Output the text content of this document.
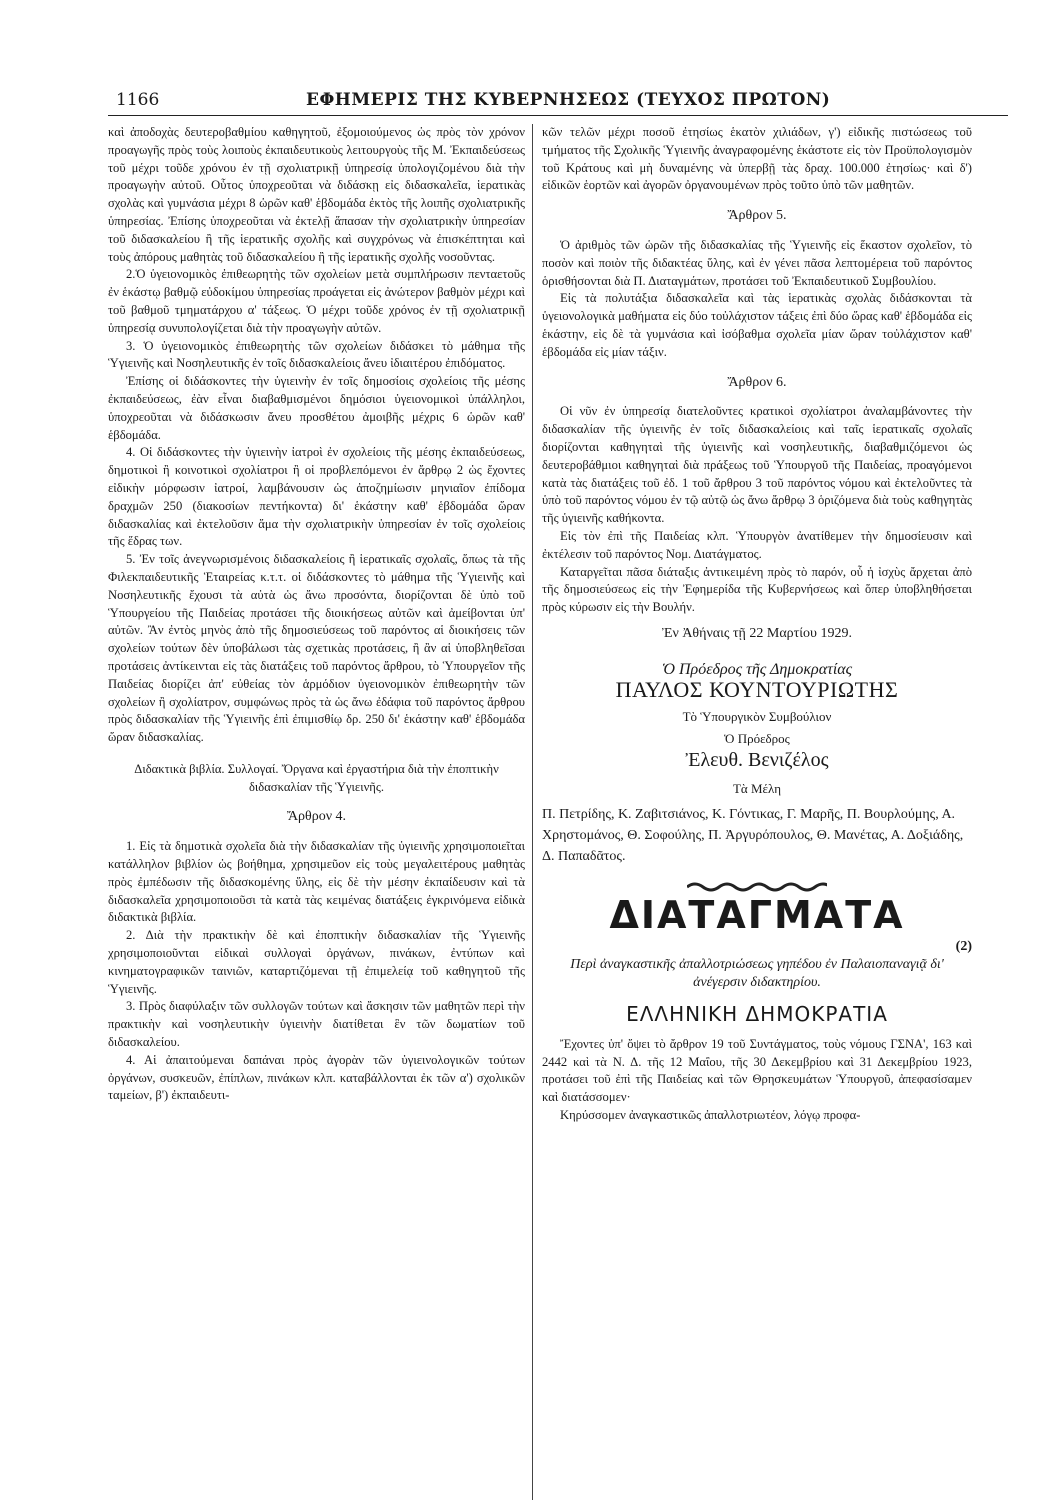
1166	ΕΦΗΜΕΡΙΣ ΤΗΣ ΚΥΒΕΡΝΗΣΕΩΣ (ΤΕΥΧΟΣ ΠΡΩΤΟΝ)

καὶ ἀποδοχὰς δευτεροβαθμίου καθηγητοῦ, ἐξομοιούμενος ὡς πρὸς τὸν χρόνον προαγωγῆς πρὸς τοὺς λοιποὺς ἐκπαιδευτικοὺς λειτουργοὺς τῆς Μ. Ἐκπαιδεύσεως τοῦ μέχρι τοῦδε χρόνου ἐν τῇ σχολιατρικῇ ὑπηρεσίᾳ ὑπολογιζομένου διὰ τὴν προαγωγὴν αὐτοῦ. Οὗτος ὑποχρεοῦται νὰ διδάσκῃ εἰς διδασκαλεῖα, ἱερατικὰς σχολὰς καὶ γυμνάσια μέχρι 8 ὡρῶν καθ' ἑβδομάδα ἐκτὸς τῆς λοιπῆς σχολιατρικῆς ὑπηρεσίας. Ἐπίσης ὑποχρεοῦται νὰ ἐκτελῇ ἅπασαν τὴν σχολιατρικὴν ὑπηρεσίαν τοῦ διδασκαλείου ἢ τῆς ἱερατικῆς σχολῆς καὶ συγχρόνως νὰ ἐπισκέπτηται καὶ τοὺς ἀπόρους μαθητὰς τοῦ διδασκαλείου ἢ τῆς ἱερατικῆς σχολῆς νοσοῦντας.

2.Ὁ ὑγειονομικὸς ἐπιθεωρητὴς τῶν σχολείων μετὰ συμπλήρωσιν πενταετοῦς ἐν ἑκάστῳ βαθμῷ εὐδοκίμου ὑπηρεσίας προάγεται εἰς ἀνώτερον βαθμὸν μέχρι καὶ τοῦ βαθμοῦ τμηματάρχου α' τάξεως. Ὁ μέχρι τοῦδε χρόνος ἐν τῇ σχολιατρικῇ ὑπηρεσίᾳ συνυπολογίζεται διὰ τὴν προαγωγὴν αὐτῶν.

3. Ὁ ὑγειονομικὸς ἐπιθεωρητὴς τῶν σχολείων διδάσκει τὸ μάθημα τῆς Ὑγιεινῆς καὶ Νοσηλευτικῆς ἐν τοῖς διδασκαλείοις ἄνευ ἰδιαιτέρου ἐπιδόματος.

Ἐπίσης οἱ διδάσκοντες τὴν ὑγιεινὴν ἐν τοῖς δημοσίοις σχολείοις τῆς μέσης ἐκπαιδεύσεως, ἐὰν εἶναι διαβαθμισμένοι δημόσιοι ὑγειονομικοὶ ὑπάλληλοι, ὑποχρεοῦται νὰ διδάσκωσιν ἄνευ προσθέτου ἀμοιβῆς μέχρις 6 ὡρῶν καθ' ἑβδομάδα.

4. Οἱ διδάσκοντες τὴν ὑγιεινὴν ἰατροὶ ἐν σχολείοις τῆς μέσης ἐκπαιδεύσεως, δημοτικοὶ ἢ κοινοτικοὶ σχολίατροι ἢ οἱ προβλεπόμενοι ἐν ἄρθρῳ 2 ὡς ἔχοντες εἰδικὴν μόρφωσιν ἰατροί, λαμβάνουσιν ὡς ἀποζημίωσιν μηνιαῖον ἐπίδομα δραχμῶν 250 (διακοσίων πεντήκοντα) δι' ἑκάστην καθ' ἑβδομάδα ὥραν διδασκαλίας καὶ ἐκτελοῦσιν ἅμα τὴν σχολιατρικὴν ὑπηρεσίαν ἐν τοῖς σχολείοις τῆς ἕδρας των.

5. Ἐν τοῖς ἀνεγνωρισμένοις διδασκαλείοις ἢ ἱερατικαῖς σχολαῖς, ὅπως τὰ τῆς Φιλεκπαιδευτικῆς Ἑταιρείας κ.τ.τ. οἱ διδάσκοντες τὸ μάθημα τῆς Ὑγιεινῆς καὶ Νοσηλευτικῆς ἔχουσι τὰ αὐτὰ ὡς ἄνω προσόντα, διορίζονται δὲ ὑπὸ τοῦ Ὑπουργείου τῆς Παιδείας προτάσει τῆς διοικήσεως αὐτῶν καὶ ἀμείβονται ὑπ' αὐτῶν. Ἂν ἐντὸς μηνὸς ἀπὸ τῆς δημοσιεύσεως τοῦ παρόντος αἱ διοικήσεις τῶν σχολείων τούτων δὲν ὑποβάλωσι τὰς σχετικὰς προτάσεις, ἢ ἂν αἱ ὑποβληθεῖσαι προτάσεις ἀντίκεινται εἰς τὰς διατάξεις τοῦ παρόντος ἄρθρου, τὸ Ὑπουργεῖον τῆς Παιδείας διορίζει ἀπ' εὐθείας τὸν ἁρμόδιον ὑγειονομικὸν ἐπιθεωρητὴν τῶν σχολείων ἢ σχολίατρον, συμφώνως πρὸς τὰ ὡς ἄνω ἐδάφια τοῦ παρόντος ἄρθρου πρὸς διδασκαλίαν τῆς Ὑγιεινῆς ἐπὶ ἐπιμισθίῳ δρ. 250 δι' ἑκάστην καθ' ἑβδομάδα ὥραν διδασκαλίας.

Διδακτικὰ βιβλία. Συλλογαί. Ὄργανα καὶ ἐργαστήρια διὰ τὴν ἐποπτικὴν διδασκαλίαν τῆς Ὑγιεινῆς.

Ἄρθρον 4.

1. Εἰς τὰ δημοτικὰ σχολεῖα διὰ τὴν διδασκαλίαν τῆς ὑγιεινῆς χρησιμοποιεῖται κατάλληλον βιβλίον ὡς βοήθημα, χρησιμεῦον εἰς τοὺς μεγαλειτέρους μαθητὰς πρὸς ἐμπέδωσιν τῆς διδασκομένης ὕλης, εἰς δὲ τὴν μέσην ἐκπαίδευσιν καὶ τὰ διδασκαλεῖα χρησιμοποιοῦσι τὰ κατὰ τὰς κειμένας διατάξεις ἐγκρινόμενα εἰδικὰ διδακτικὰ βιβλία.

2. Διὰ τὴν πρακτικὴν δὲ καὶ ἐποπτικὴν διδασκαλίαν τῆς Ὑγιεινῆς χρησιμοποιοῦνται εἰδικαὶ συλλογαὶ ὀργάνων, πινάκων, ἐντύπων καὶ κινηματογραφικῶν ταινιῶν, καταρτιζόμεναι τῇ ἐπιμελείᾳ τοῦ καθηγητοῦ τῆς Ὑγιεινῆς.

3. Πρὸς διαφύλαξιν τῶν συλλογῶν τούτων καὶ ἄσκησιν τῶν μαθητῶν περὶ τὴν πρακτικὴν καὶ νοσηλευτικὴν ὑγιεινὴν διατίθεται ἓν τῶν δωματίων τοῦ διδασκαλείου.

4. Αἱ ἀπαιτούμεναι δαπάναι πρὸς ἀγορὰν τῶν ὑγιεινολογικῶν τούτων ὀργάνων, συσκευῶν, ἐπίπλων, πινάκων κλπ. καταβάλλονται ἐκ τῶν α') σχολικῶν ταμείων, β') ἐκπαιδευτι-

κῶν τελῶν μέχρι ποσοῦ ἐτησίως ἑκατὸν χιλιάδων, γ') εἰδικῆς πιστώσεως τοῦ τμήματος τῆς Σχολικῆς Ὑγιεινῆς ἀναγραφομένης ἑκάστοτε εἰς τὸν Προϋπολογισμὸν τοῦ Κράτους καὶ μὴ δυναμένης νὰ ὑπερβῇ τὰς δραχ. 100.000 ἐτησίως· καὶ δ') εἰδικῶν ἑορτῶν καὶ ἀγορῶν ὀργανουμένων πρὸς τοῦτο ὑπὸ τῶν μαθητῶν.

Ἄρθρον 5.

Ὁ ἀριθμὸς τῶν ὡρῶν τῆς διδασκαλίας τῆς Ὑγιεινῆς εἰς ἕκαστον σχολεῖον, τὸ ποσὸν καὶ ποιὸν τῆς διδακτέας ὕλης, καὶ ἐν γένει πᾶσα λεπτομέρεια τοῦ παρόντος ὁρισθήσονται διὰ Π. Διαταγμάτων, προτάσει τοῦ Ἐκπαιδευτικοῦ Συμβουλίου.

Εἰς τὰ πολυτάξια διδασκαλεῖα καὶ τὰς ἱερατικὰς σχολὰς διδάσκονται τὰ ὑγειονολογικὰ μαθήματα εἰς δύο τοὐλάχιστον τάξεις ἐπὶ δύο ὥρας καθ' ἑβδομάδα εἰς ἑκάστην, εἰς δὲ τὰ γυμνάσια καὶ ἰσόβαθμα σχολεῖα μίαν ὥραν τοὐλάχιστον καθ' ἑβδομάδα εἰς μίαν τάξιν.

Ἄρθρον 6.

Οἱ νῦν ἐν ὑπηρεσίᾳ διατελοῦντες κρατικοὶ σχολίατροι ἀναλαμβάνοντες τὴν διδασκαλίαν τῆς ὑγιεινῆς ἐν τοῖς διδασκαλείοις καὶ ταῖς ἱερατικαῖς σχολαῖς διορίζονται καθηγηταὶ τῆς ὑγιεινῆς καὶ νοσηλευτικῆς, διαβαθμιζόμενοι ὡς δευτεροβάθμιοι καθηγηταὶ διὰ πράξεως τοῦ Ὑπουργοῦ τῆς Παιδείας, προαγόμενοι κατὰ τὰς διατάξεις τοῦ ἐδ. 1 τοῦ ἄρθρου 3 τοῦ παρόντος νόμου καὶ ἐκτελοῦντες τὰ ὑπὸ τοῦ παρόντος νόμου ἐν τῷ αὐτῷ ὡς ἄνω ἄρθρῳ 3 ὁριζόμενα διὰ τοὺς καθηγητὰς τῆς ὑγιεινῆς καθήκοντα.

Εἰς τὸν ἐπὶ τῆς Παιδείας κλπ. Ὑπουργὸν ἀνατίθεμεν τὴν δημοσίευσιν καὶ ἐκτέλεσιν τοῦ παρόντος Νομ. Διατάγματος.

Καταργεῖται πᾶσα διάταξις ἀντικειμένη πρὸς τὸ παρόν, οὗ ἡ ἰσχὺς ἄρχεται ἀπὸ τῆς δημοσιεύσεως εἰς τὴν Ἐφημερίδα τῆς Κυβερνήσεως καὶ ὅπερ ὑποβληθήσεται πρὸς κύρωσιν εἰς τὴν Βουλήν.

Ἐν Ἀθήναις τῇ 22 Μαρτίου 1929.

Ὁ Πρόεδρος τῆς Δημοκρατίας

ΠΑΥΛΟΣ ΚΟΥΝΤΟΥΡΙΩΤΗΣ

Τὸ Ὑπουργικὸν Συμβούλιον

Ὁ Πρόεδρος

Ἐλευθ. Βενιζέλος

Τὰ Μέλη

Π. Πετρίδης, Κ. Ζαβιτσιάνος, Κ. Γόντικας, Γ. Μαρῆς, Π. Βουρλούμης, Α. Χρηστομάνος, Θ. Σοφούλης, Π. Ἀργυρόπουλος, Θ. Μανέτας, Α. Δοξιάδης, Δ. Παπαδᾶτος.

ΔΙΑΤΑΓΜΑΤΑ

(2)

Περὶ ἀναγκαστικῆς ἀπαλλοτριώσεως γηπέδου ἐν Παλαιοπαναγιᾷ δι' ἀνέγερσιν διδακτηρίου.

ΕΛΛΗΝΙΚΗ ΔΗΜΟΚΡΑΤΙΑ

Ἔχοντες ὑπ' ὄψει τὸ ἄρθρον 19 τοῦ Συντάγματος, τοὺς νόμους ΓΣΝΑ', 163 καὶ 2442 καὶ τὰ Ν. Δ. τῆς 12 Μαΐου, τῆς 30 Δεκεμβρίου καὶ 31 Δεκεμβρίου 1923, προτάσει τοῦ ἐπὶ τῆς Παιδείας καὶ τῶν Θρησκευμάτων Ὑπουργοῦ, ἀπεφασίσαμεν καὶ διατάσσομεν·

Κηρύσσομεν ἀναγκαστικῶς ἀπαλλοτριωτέον, λόγῳ προφα-
